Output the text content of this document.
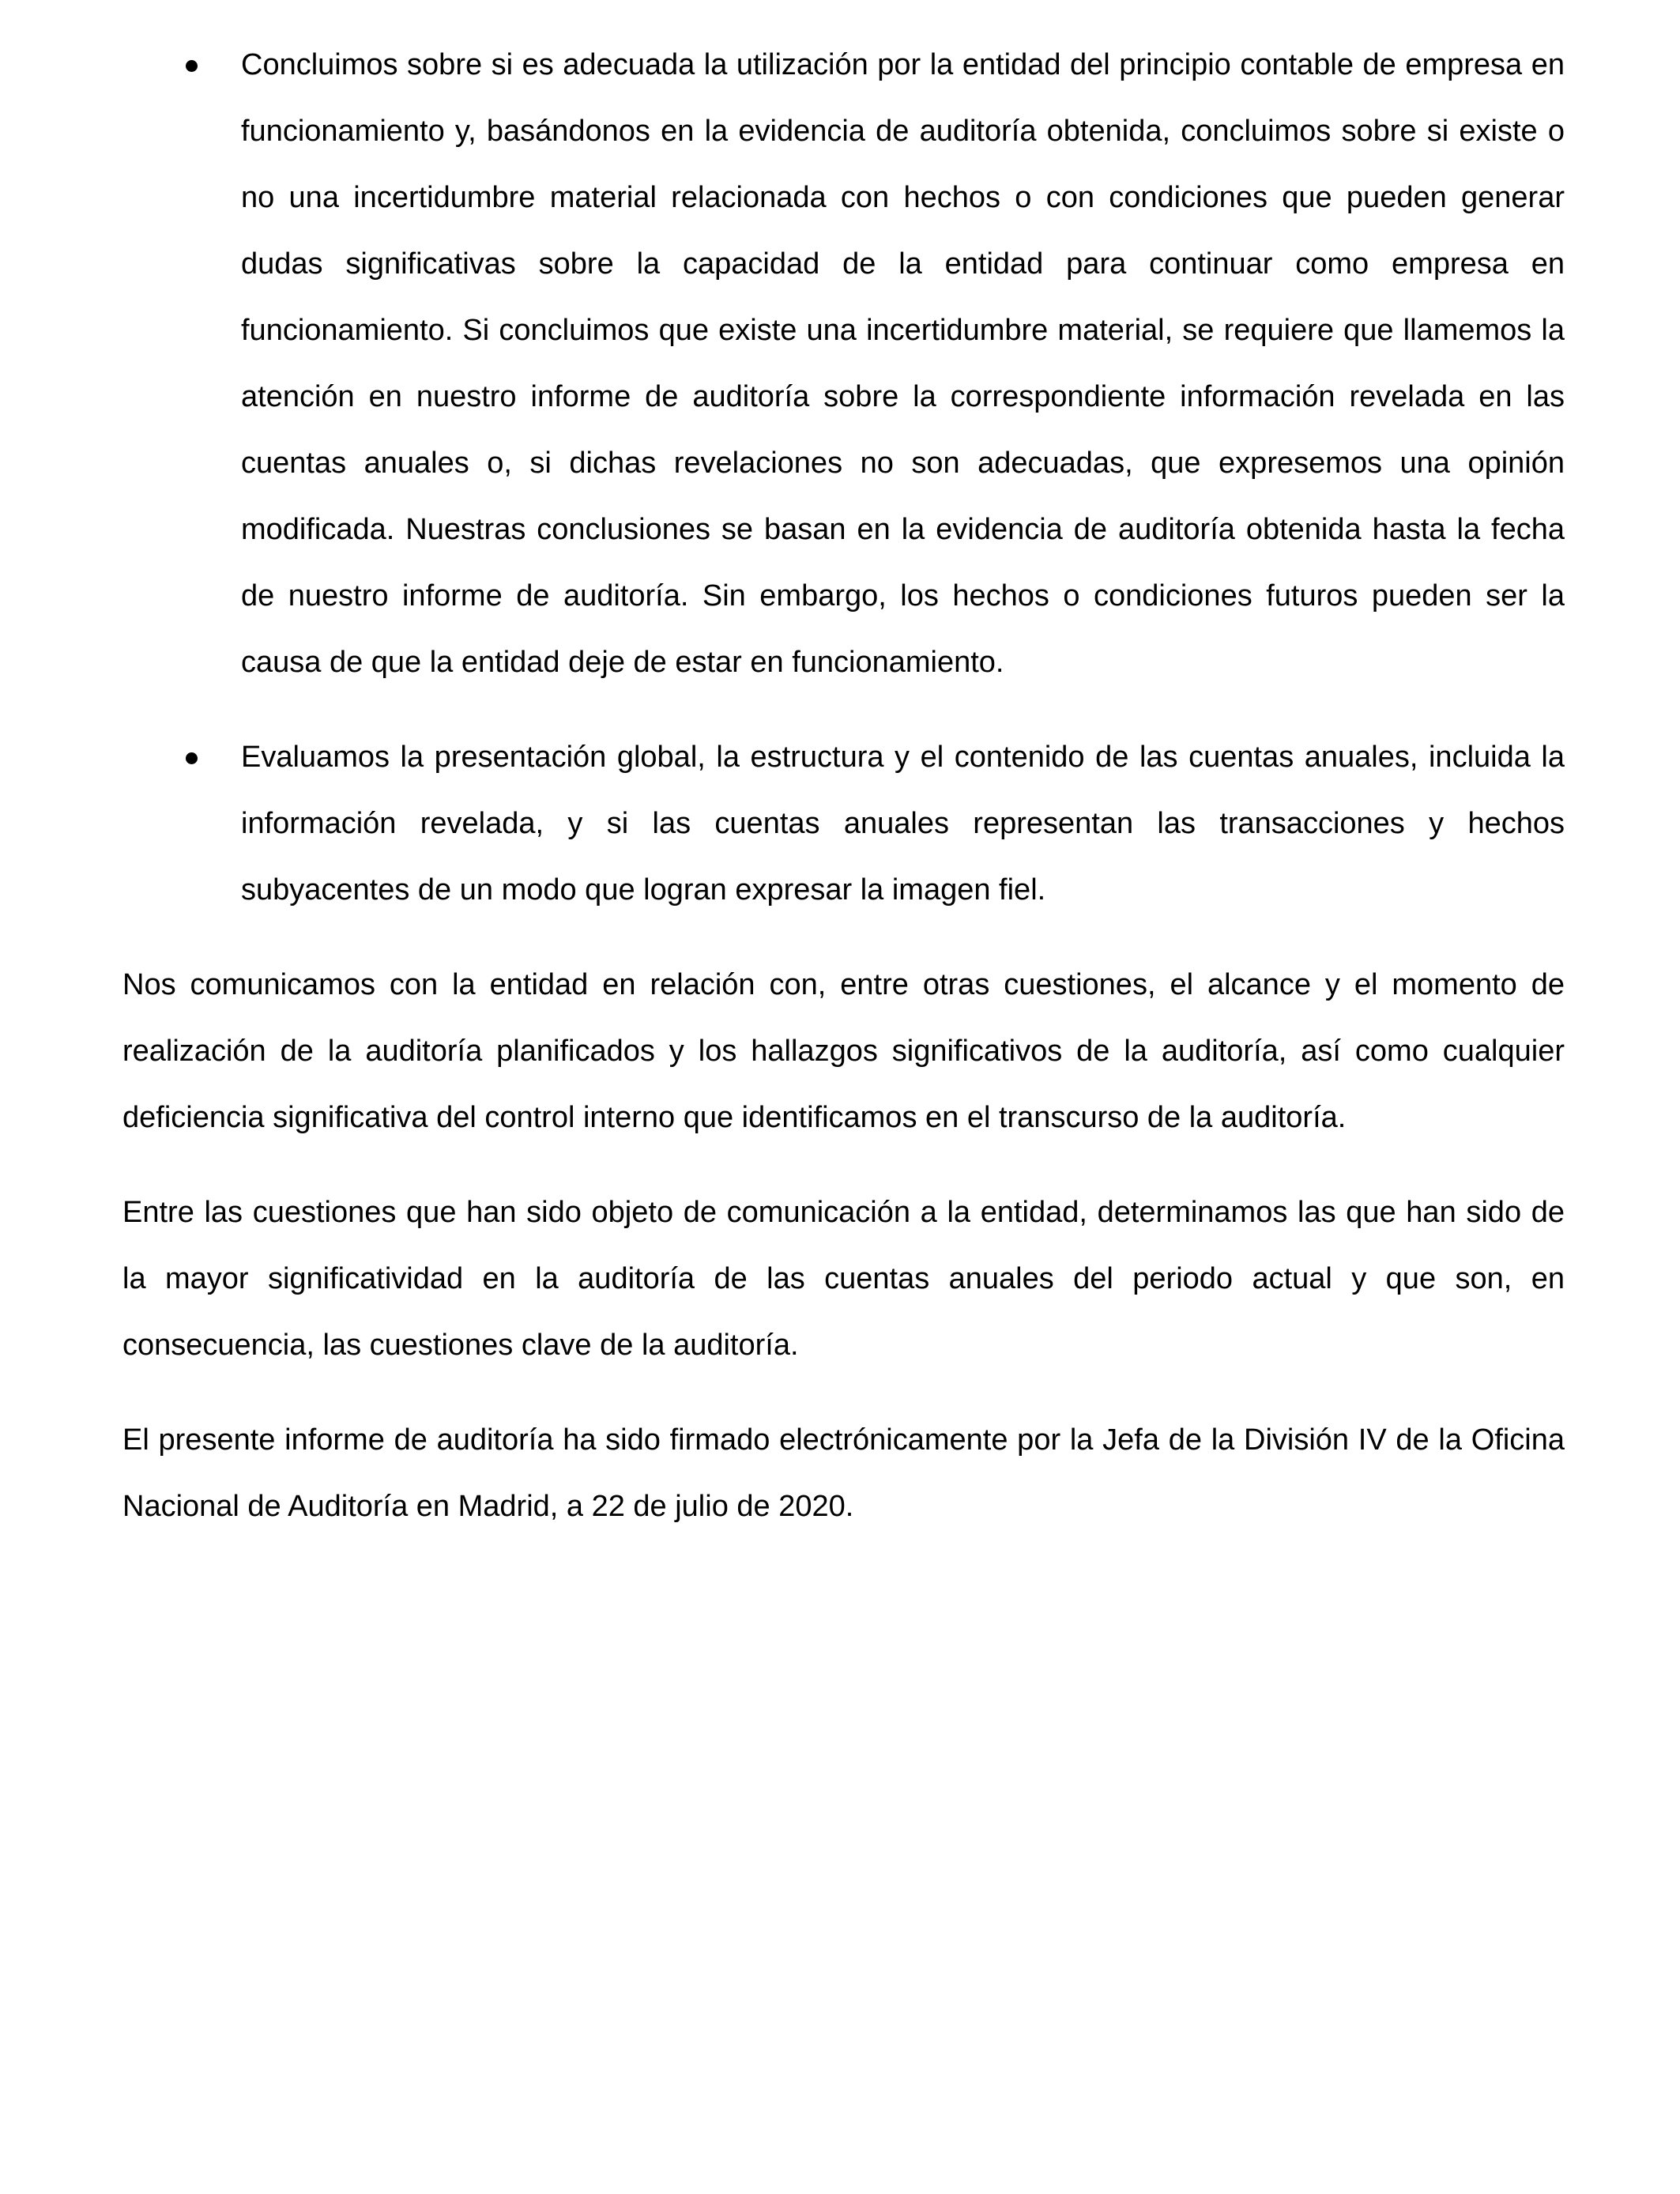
Concluimos sobre si es adecuada la utilización por la entidad del principio contable de empresa en funcionamiento y, basándonos en la evidencia de auditoría obtenida, concluimos sobre si existe o no una incertidumbre material relacionada con hechos o con condiciones que pueden generar dudas significativas sobre la capacidad de la entidad para continuar como empresa en funcionamiento. Si concluimos que existe una incertidumbre material, se requiere que llamemos la atención en nuestro informe de auditoría sobre la correspondiente información revelada en las cuentas anuales o, si dichas revelaciones no son adecuadas, que expresemos una opinión modificada. Nuestras conclusiones se basan en la evidencia de auditoría obtenida hasta la fecha de nuestro informe de auditoría. Sin embargo, los hechos o condiciones futuros pueden ser la causa de que la entidad deje de estar en funcionamiento.
Evaluamos la presentación global, la estructura y el contenido de las cuentas anuales, incluida la información revelada, y si las cuentas anuales representan las transacciones y hechos subyacentes de un modo que logran expresar la imagen fiel.

Nos comunicamos con la entidad en relación con, entre otras cuestiones, el alcance y el momento de realización de la auditoría planificados y los hallazgos significativos de la auditoría, así como cualquier deficiencia significativa del control interno que identificamos en el transcurso de la auditoría.

Entre las cuestiones que han sido objeto de comunicación a la entidad, determinamos las que han sido de la mayor significatividad en la auditoría de las cuentas anuales del periodo actual y que son, en consecuencia, las cuestiones clave de la auditoría.

El presente informe de auditoría ha sido firmado electrónicamente por la Jefa de la División IV de la Oficina Nacional de Auditoría en Madrid, a 22 de julio de 2020.
